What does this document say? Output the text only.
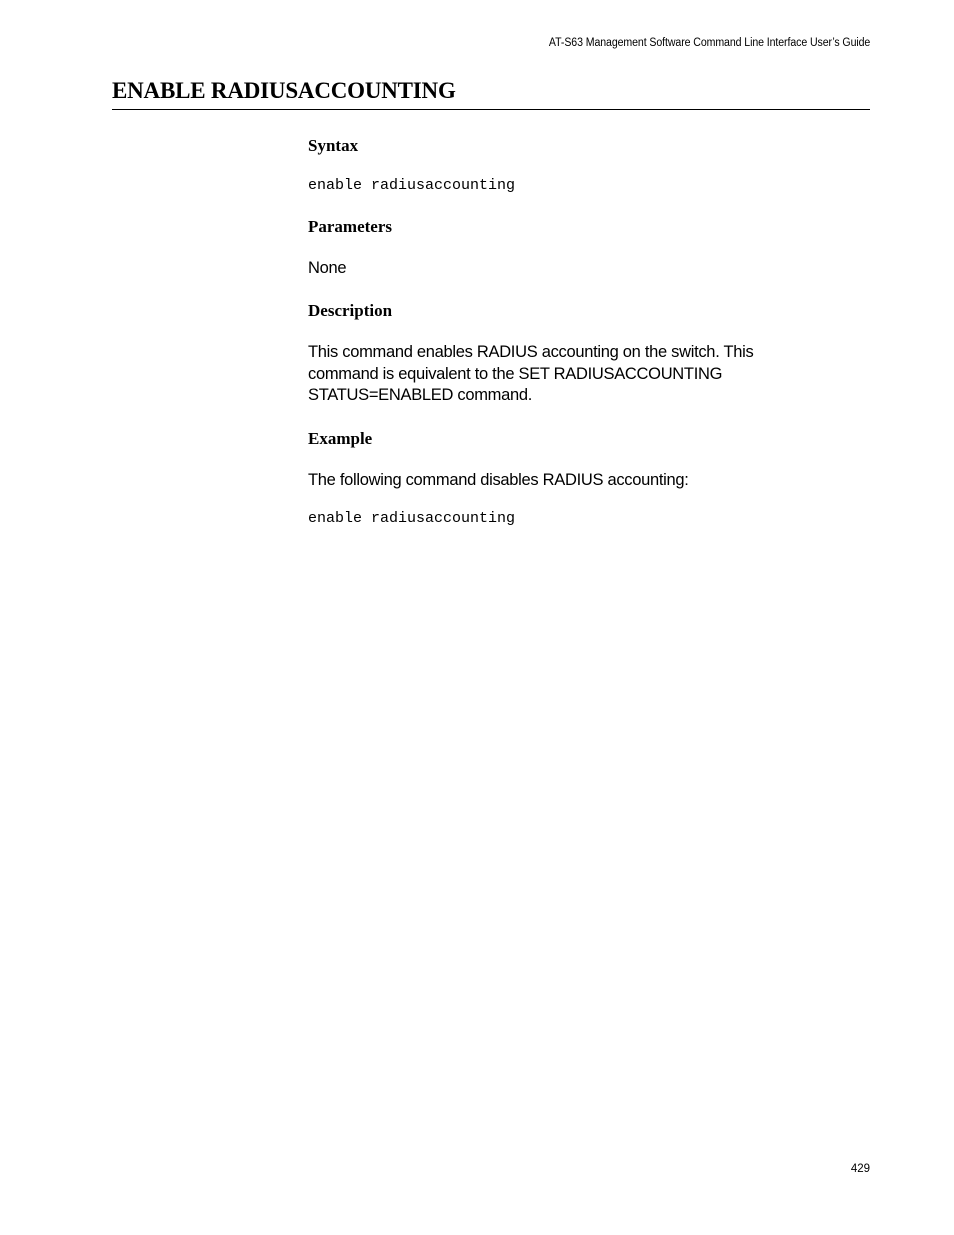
AT-S63 Management Software Command Line Interface User’s Guide
ENABLE RADIUSACCOUNTING
Syntax
enable radiusaccounting
Parameters

None

Description

This command enables RADIUS accounting on the switch. This
command is equivalent to the SET RADIUSACCOUNTING
STATUS=ENABLED command.

Example

The following command disables RADIUS accounting:

enable radiusaccounting
429
